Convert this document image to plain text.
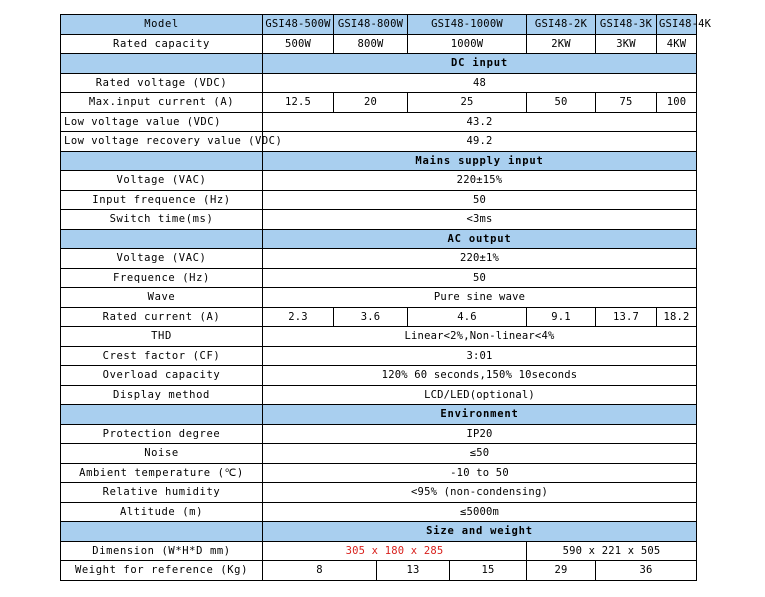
Model	GSI48-500W	GSI48-800W		GSI48-1000W		GSI48-2K	GSI48-3K	GSI48-4K	
Rated capacity	500W	800W		1000W		2KW	3KW	4KW	
	DC input								
Rated voltage (VDC)	48								
Max.input current (A)	12.5	20		25		50	75	100	
Low voltage value (VDC)	43.2								
Low voltage recovery value (VDC)	49.2								
	Mains supply input								
Voltage (VAC)	220±15%								
Input frequence (Hz)	50								
Switch time(ms)	<3ms								
	AC output								
Voltage (VAC)	220±1%								
Frequence (Hz)	50								
Wave	Pure sine wave								
Rated current (A)	2.3	3.6		4.6		9.1	13.7	18.2	
THD	Linear<2%,Non-linear<4%								
Crest factor (CF)	3:01								
Overload capacity	120% 60 seconds,150% 10seconds								
Display method	LCD/LED(optional)								
	Environment								
Protection degree	IP20								
Noise	≤50								
Ambient temperature (℃)	-10 to 50								
Relative humidity	<95% (non-condensing)								
Altitude (m)	≤5000m								
	Size and weight								
Dimension (W*H*D mm)	305 x 180 x 285					590 x 221 x 505			
Weight for reference (Kg)	8		13		15	29	36	
